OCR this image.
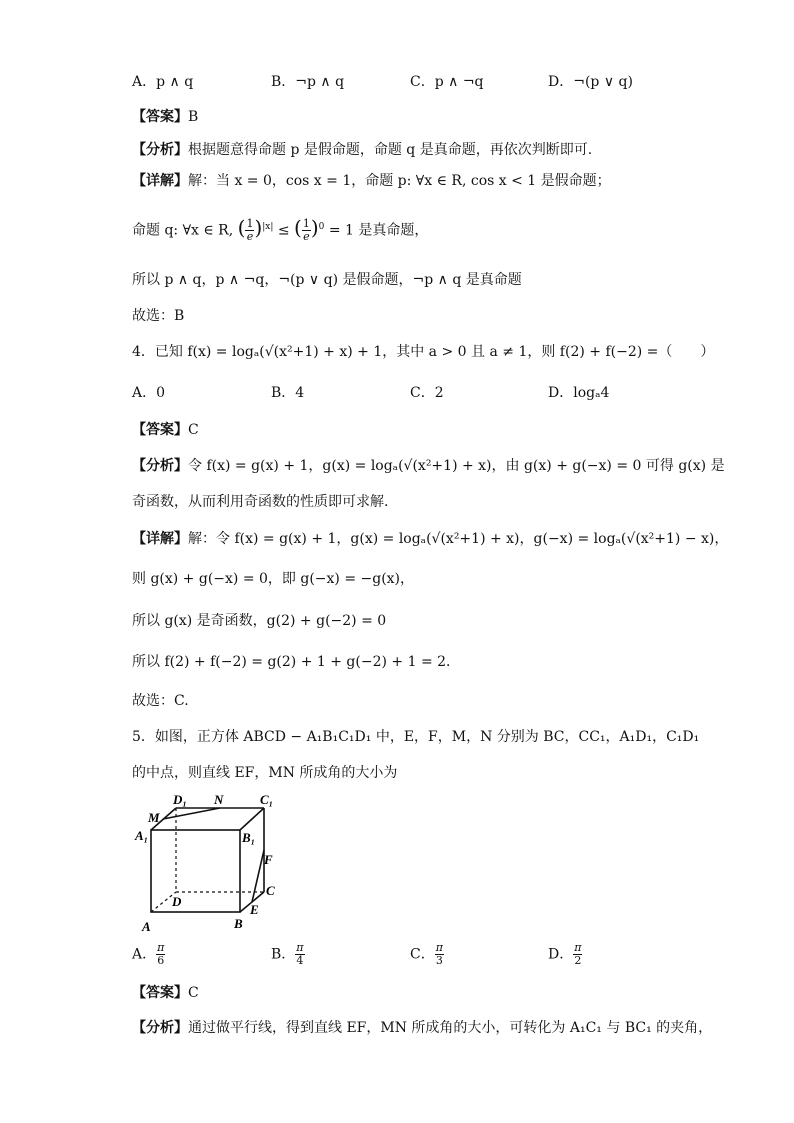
A．p ∧ q	B．¬p ∧ q	C．p ∧ ¬q	D．¬(p ∨ q)
【答案】B
【分析】根据题意得命题 p 是假命题，命题 q 是真命题，再依次判断即可.
【详解】解：当 x = 0，cos x = 1，命题 p: ∀x ∈ R, cos x < 1 是假命题；
命题 q: ∀x ∈ R, ( $\frac{1}{e} )^{|x|}$ ≤ ( $\frac{1}{e} )^0 = 1$ 是真命题，
所以 p ∧ q，p ∧ ¬q，¬(p ∨ q) 是假命题，¬p ∧ q 是真命题
故选：B
4．已知 f(x) = logₐ(√(x²+1) + x) + 1，其中 a > 0 且 a ≠ 1，则 f(2) + f(−2) =（　　）
A．0	B．4	C．2	D．logₐ4
【答案】C
【分析】令 f(x) = g(x) + 1，g(x) = logₐ(√(x²+1) + x)，由 g(x) + g(−x) = 0 可得 g(x) 是
奇函数，从而利用奇函数的性质即可求解.
【详解】解：令 f(x) = g(x) + 1，g(x) = logₐ(√(x²+1) + x)，g(−x) = logₐ(√(x²+1) − x)，
则 g(x) + g(−x) = 0，即 g(−x) = −g(x)，
所以 g(x) 是奇函数，g(2) + g(−2) = 0
所以 f(2) + f(−2) = g(2) + 1 + g(−2) + 1 = 2．
故选：C.
5．如图，正方体 ABCD − A₁B₁C₁D₁ 中，E，F，M，N 分别为 BC，CC₁，A₁D₁，C₁D₁
的中点，则直线 EF，MN 所成角的大小为
D₁ N	C₁
M
A₁	B₁
F
C
D
E
A	B
A． $\frac{\pi}{6}$	B． $\frac{\pi}{4}$	C． $\frac{\pi}{3}$	D． $\frac{\pi}{2}$
【答案】C
【分析】通过做平行线，得到直线 EF，MN 所成角的大小，可转化为 A₁C₁ 与 BC₁ 的夹角，
